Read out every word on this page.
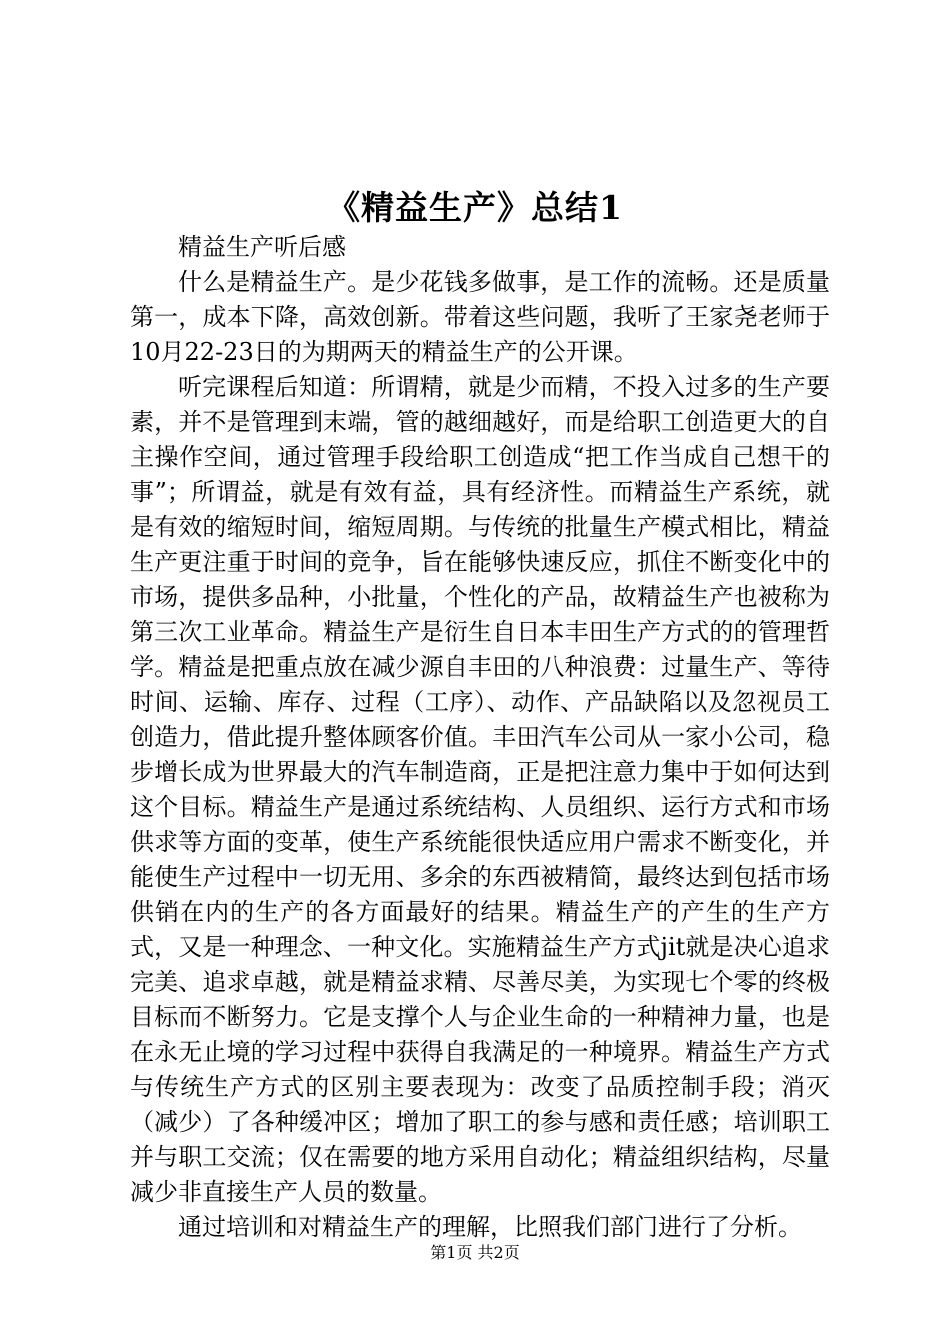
《精益生产》总结1

精益生产听后感

什么是精益生产。是少花钱多做事，是工作的流畅。还是质量第一，成本下降，高效创新。带着这些问题，我听了王家尧老师于10月22-23日的为期两天的精益生产的公开课。

听完课程后知道：所谓精，就是少而精，不投入过多的生产要素，并不是管理到末端，管的越细越好，而是给职工创造更大的自主操作空间，通过管理手段给职工创造成“把工作当成自己想干的事”；所谓益，就是有效有益，具有经济性。而精益生产系统，就是有效的缩短时间，缩短周期。与传统的批量生产模式相比，精益生产更注重于时间的竞争，旨在能够快速反应，抓住不断变化中的市场，提供多品种，小批量，个性化的产品，故精益生产也被称为第三次工业革命。精益生产是衍生自日本丰田生产方式的的管理哲学。精益是把重点放在减少源自丰田的八种浪费：过量生产、等待时间、运输、库存、过程（工序）、动作、产品缺陷以及忽视员工创造力，借此提升整体顾客价值。丰田汽车公司从一家小公司，稳步增长成为世界最大的汽车制造商，正是把注意力集中于如何达到这个目标。精益生产是通过系统结构、人员组织、运行方式和市场供求等方面的变革，使生产系统能很快适应用户需求不断变化，并能使生产过程中一切无用、多余的东西被精简，最终达到包括市场供销在内的生产的各方面最好的结果。精益生产的产生的生产方式，又是一种理念、一种文化。实施精益生产方式jit就是决心追求完美、追求卓越，就是精益求精、尽善尽美，为实现七个零的终极目标而不断努力。它是支撑个人与企业生命的一种精神力量，也是在永无止境的学习过程中获得自我满足的一种境界。精益生产方式与传统生产方式的区别主要表现为：改变了品质控制手段；消灭（减少）了各种缓冲区；增加了职工的参与感和责任感；培训职工并与职工交流；仅在需要的地方采用自动化；精益组织结构，尽量减少非直接生产人员的数量。

通过培训和对精益生产的理解，比照我们部门进行了分析。

第1页 共2页
